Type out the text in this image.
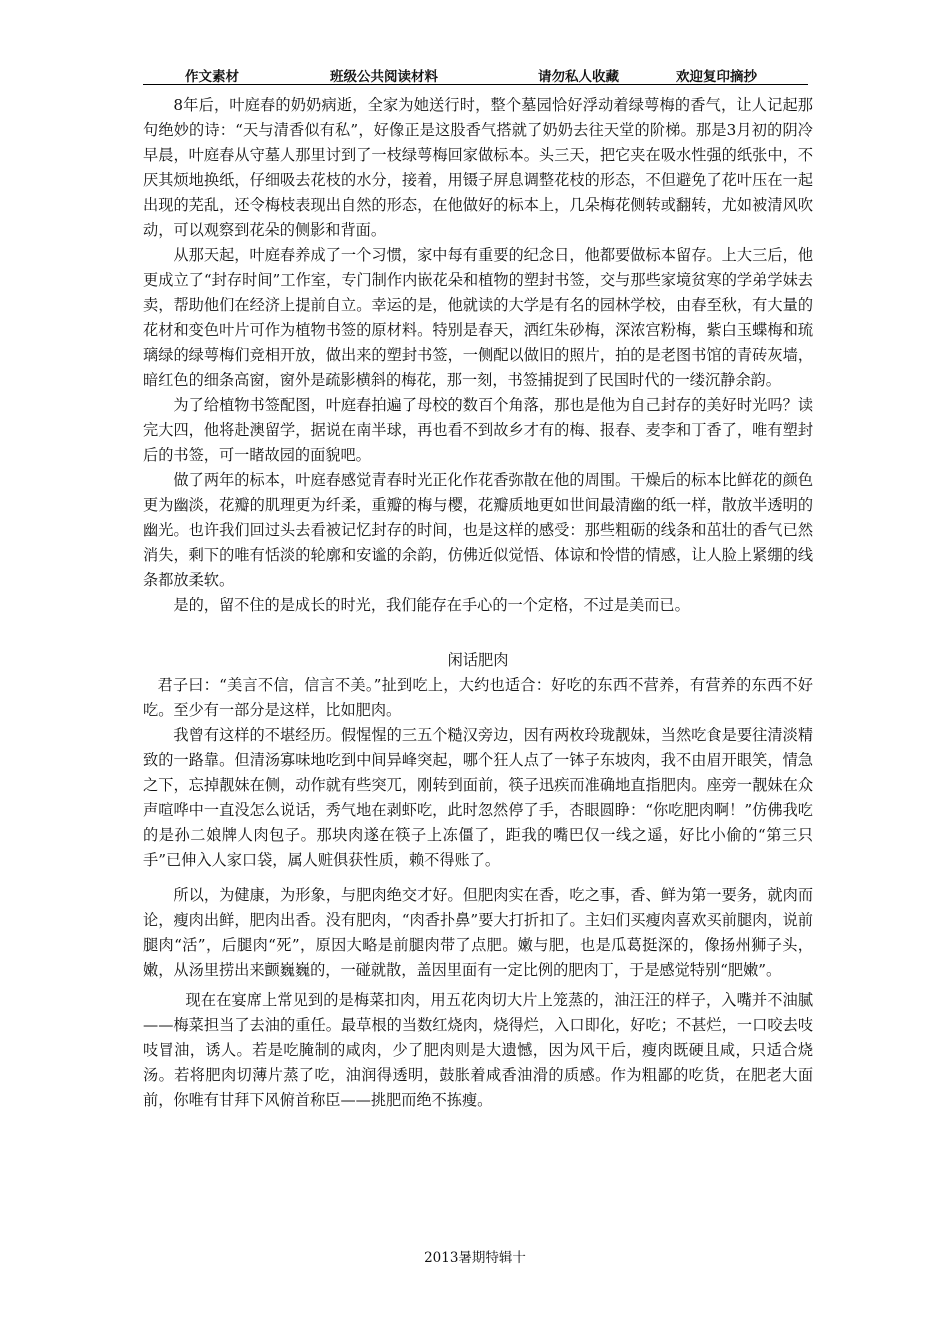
作文素材	班级公共阅读材料	请勿私人收藏	欢迎复印摘抄

8年后，叶庭春的奶奶病逝，全家为她送行时，整个墓园恰好浮动着绿萼梅的香气，让人记起那句绝妙的诗：“天与清香似有私”，好像正是这股香气搭就了奶奶去往天堂的阶梯。那是3月初的阴冷早晨，叶庭春从守墓人那里讨到了一枝绿萼梅回家做标本。头三天，把它夹在吸水性强的纸张中，不厌其烦地换纸，仔细吸去花枝的水分，接着，用镊子屏息调整花枝的形态，不但避免了花叶压在一起出现的芜乱，还令梅枝表现出自然的形态，在他做好的标本上，几朵梅花侧转或翻转，尤如被清风吹动，可以观察到花朵的侧影和背面。

从那天起，叶庭春养成了一个习惯，家中每有重要的纪念日，他都要做标本留存。上大三后，他更成立了“封存时间”工作室，专门制作内嵌花朵和植物的塑封书签，交与那些家境贫寒的学弟学妹去卖，帮助他们在经济上提前自立。幸运的是，他就读的大学是有名的园林学校，由春至秋，有大量的花材和变色叶片可作为植物书签的原材料。特别是春天，洒红朱砂梅，深浓宫粉梅，紫白玉蝶梅和琉璃绿的绿萼梅们竞相开放，做出来的塑封书签，一侧配以做旧的照片，拍的是老图书馆的青砖灰墙，暗红色的细条高窗，窗外是疏影横斜的梅花，那一刻，书签捕捉到了民国时代的一缕沉静余韵。

为了给植物书签配图，叶庭春拍遍了母校的数百个角落，那也是他为自己封存的美好时光吗？读完大四，他将赴澳留学，据说在南半球，再也看不到故乡才有的梅、报春、麦李和丁香了，唯有塑封后的书签，可一睹故园的面貌吧。

做了两年的标本，叶庭春感觉青春时光正化作花香弥散在他的周围。干燥后的标本比鲜花的颜色更为幽淡，花瓣的肌理更为纤柔，重瓣的梅与樱，花瓣质地更如世间最清幽的纸一样，散放半透明的幽光。也许我们回过头去看被记忆封存的时间，也是这样的感受：那些粗砺的线条和茁壮的香气已然消失，剩下的唯有恬淡的轮廓和安谧的余韵，仿佛近似觉悟、体谅和怜惜的情感，让人脸上紧绷的线条都放柔软。

是的，留不住的是成长的时光，我们能存在手心的一个定格，不过是美而已。

闲话肥肉

君子曰：“美言不信，信言不美。”扯到吃上，大约也适合：好吃的东西不营养，有营养的东西不好吃。至少有一部分是这样，比如肥肉。

我曾有这样的不堪经历。假惺惺的三五个糙汉旁边，因有两枚玲珑靓妹，当然吃食是要往清淡精致的一路靠。但清汤寡味地吃到中间异峰突起，哪个狂人点了一钵子东坡肉，我不由眉开眼笑，情急之下，忘掉靓妹在侧，动作就有些突兀，刚转到面前，筷子迅疾而准确地直指肥肉。座旁一靓妹在众声喧哗中一直没怎么说话，秀气地在剥虾吃，此时忽然停了手，杏眼圆睁：“你吃肥肉啊！”仿佛我吃的是孙二娘牌人肉包子。那块肉遂在筷子上冻僵了，距我的嘴巴仅一线之遥，好比小偷的“第三只手”已伸入人家口袋，属人赃俱获性质，赖不得账了。

所以，为健康，为形象，与肥肉绝交才好。但肥肉实在香，吃之事，香、鲜为第一要务，就肉而论，瘦肉出鲜，肥肉出香。没有肥肉，“肉香扑鼻”要大打折扣了。主妇们买瘦肉喜欢买前腿肉，说前腿肉“活”，后腿肉“死”，原因大略是前腿肉带了点肥。嫩与肥，也是瓜葛挺深的，像扬州狮子头，嫩，从汤里捞出来颤巍巍的，一碰就散，盖因里面有一定比例的肥肉丁，于是感觉特别“肥嫩”。

现在在宴席上常见到的是梅菜扣肉，用五花肉切大片上笼蒸的，油汪汪的样子，入嘴并不油腻——梅菜担当了去油的重任。最草根的当数红烧肉，烧得烂，入口即化，好吃；不甚烂，一口咬去吱吱冒油，诱人。若是吃腌制的咸肉，少了肥肉则是大遗憾，因为风干后，瘦肉既硬且咸，只适合烧汤。若将肥肉切薄片蒸了吃，油润得透明，鼓胀着咸香油滑的质感。作为粗鄙的吃货，在肥老大面前，你唯有甘拜下风俯首称臣——挑肥而绝不拣瘦。

2013暑期特辑十
